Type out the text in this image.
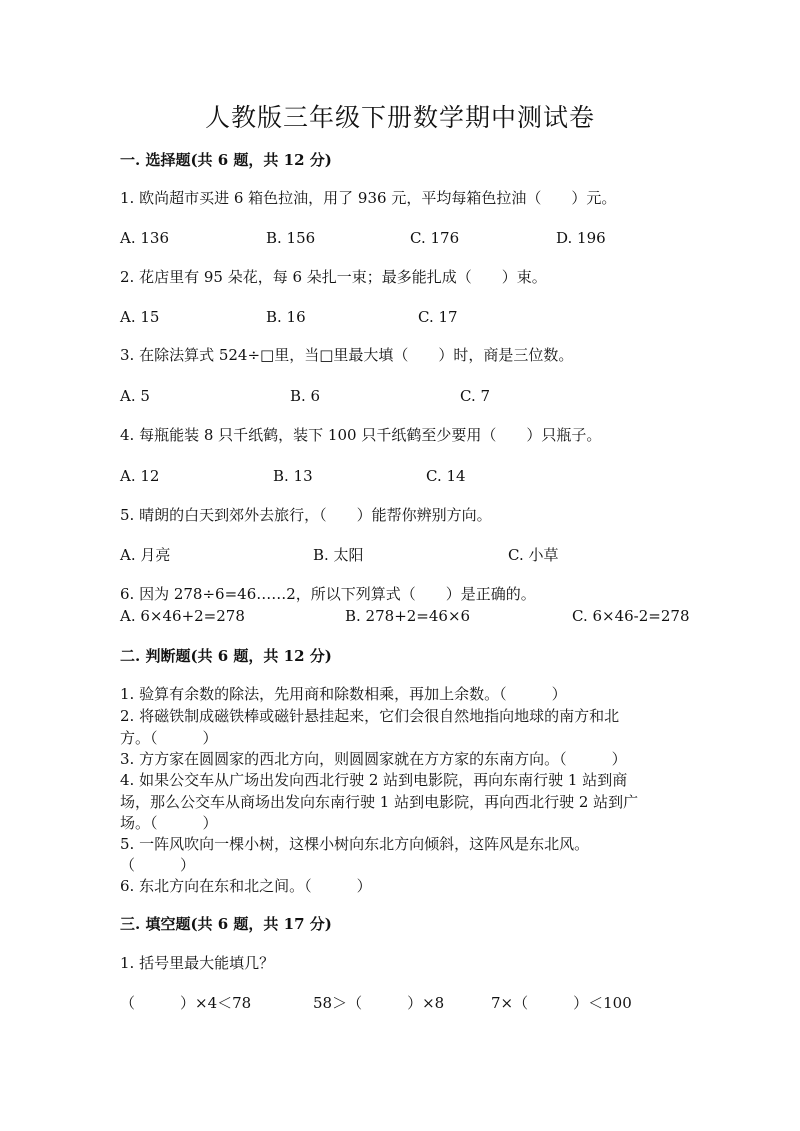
人教版三年级下册数学期中测试卷
一. 选择题(共 6 题，共 12 分)
1. 欧尚超市买进 6 箱色拉油，用了 936 元，平均每箱色拉油（　　）元。
A. 136	B. 156	C. 176	D. 196
2. 花店里有 95 朵花，每 6 朵扎一束；最多能扎成（　　）束。
A. 15	B. 16	C. 17
3. 在除法算式 524÷□里，当□里最大填（　　）时，商是三位数。
A. 5	B. 6	C. 7
4. 每瓶能装 8 只千纸鹤，装下 100 只千纸鹤至少要用（　　）只瓶子。
A. 12	B. 13	C. 14
5. 晴朗的白天到郊外去旅行，（　　）能帮你辨别方向。
A. 月亮	B. 太阳	C. 小草
6. 因为 278÷6=46……2，所以下列算式（　　）是正确的。
A. 6×46+2=278	B. 278+2=46×6	C. 6×46-2=278
二. 判断题(共 6 题，共 12 分)
1. 验算有余数的除法，先用商和除数相乘，再加上余数。（　　　）
2. 将磁铁制成磁铁棒或磁针悬挂起来，它们会很自然地指向地球的南方和北
方。（　　　）
3. 方方家在圆圆家的西北方向，则圆圆家就在方方家的东南方向。（　　　）
4. 如果公交车从广场出发向西北行驶 2 站到电影院，再向东南行驶 1 站到商
场，那么公交车从商场出发向东南行驶 1 站到电影院，再向西北行驶 2 站到广
场。（　　　）
5. 一阵风吹向一棵小树，这棵小树向东北方向倾斜，这阵风是东北风。
（　　　）
6. 东北方向在东和北之间。（　　　）
三. 填空题(共 6 题，共 17 分)
1. 括号里最大能填几？
（　　　）×4＜78	58＞（　　　）×8	7×（　　　）＜100
